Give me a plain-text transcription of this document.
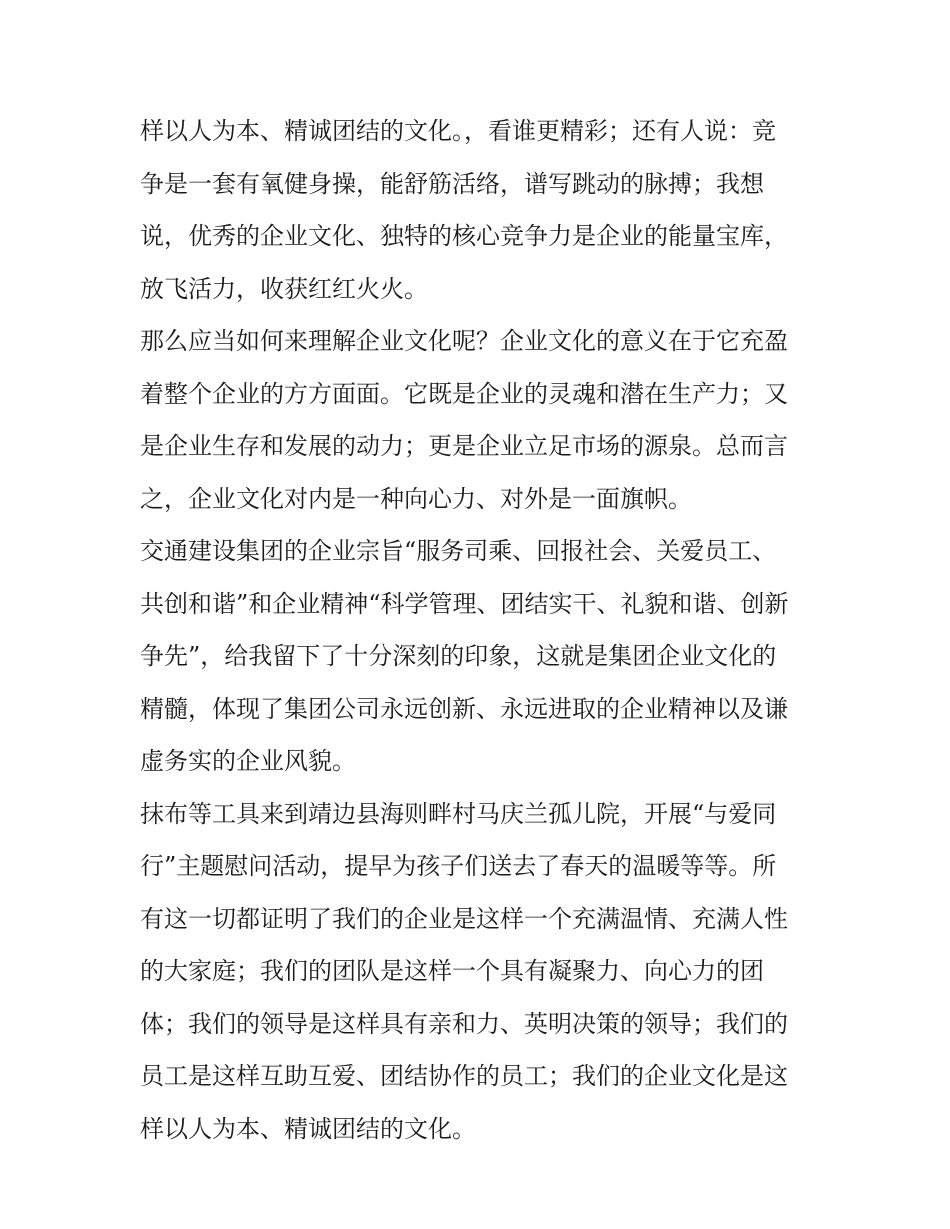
样以人为本、精诚团结的文化。，看谁更精彩；还有人说：竞
争是一套有氧健身操，能舒筋活络，谱写跳动的脉搏；我想
说，优秀的企业文化、独特的核心竞争力是企业的能量宝库，
放飞活力，收获红红火火。
那么应当如何来理解企业文化呢？企业文化的意义在于它充盈
着整个企业的方方面面。它既是企业的灵魂和潜在生产力；又
是企业生存和发展的动力；更是企业立足市场的源泉。总而言
之，企业文化对内是一种向心力、对外是一面旗帜。
交通建设集团的企业宗旨“服务司乘、回报社会、关爱员工、
共创和谐”和企业精神“科学管理、团结实干、礼貌和谐、创新
争先”，给我留下了十分深刻的印象，这就是集团企业文化的
精髓，体现了集团公司永远创新、永远进取的企业精神以及谦
虚务实的企业风貌。
抹布等工具来到靖边县海则畔村马庆兰孤儿院，开展“与爱同
行”主题慰问活动，提早为孩子们送去了春天的温暖等等。所
有这一切都证明了我们的企业是这样一个充满温情、充满人性
的大家庭；我们的团队是这样一个具有凝聚力、向心力的团
体；我们的领导是这样具有亲和力、英明决策的领导；我们的
员工是这样互助互爱、团结协作的员工；我们的企业文化是这
样以人为本、精诚团结的文化。
